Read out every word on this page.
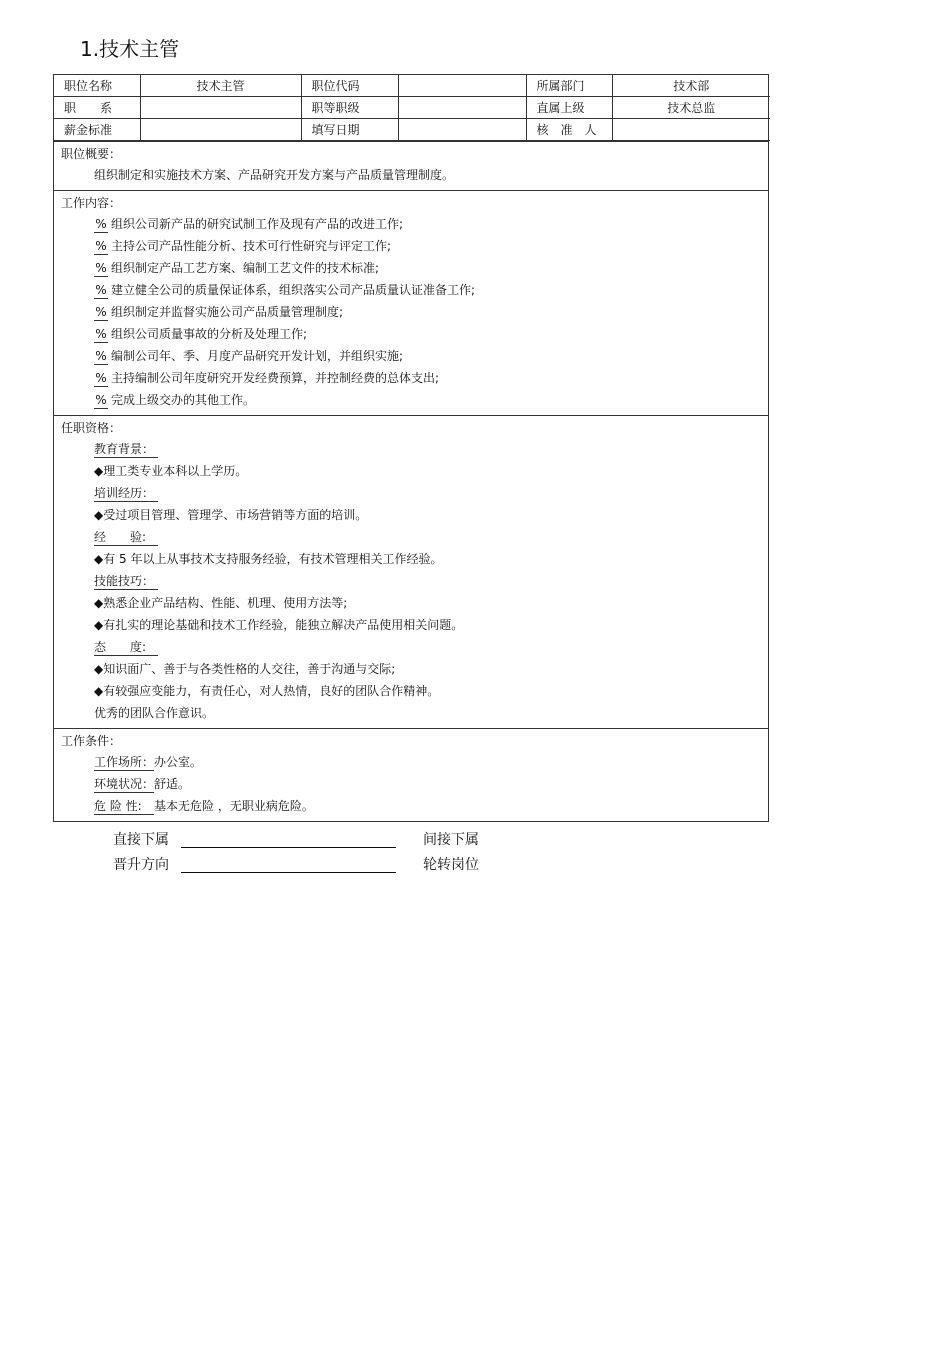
1.技术主管
职位名称	技术主管	职位代码		所属部门	技术部
职　　系		职等职级		直属上级	技术总监
薪金标准		填写日期		核　准　人	
职位概要：
组织制定和实施技术方案、产品研究开发方案与产品质量管理制度。
工作内容：
% 组织公司新产品的研究试制工作及现有产品的改进工作;
% 主持公司产品性能分析、技术可行性研究与评定工作;
% 组织制定产品工艺方案、编制工艺文件的技术标准;
% 建立健全公司的质量保证体系，组织落实公司产品质量认证准备工作;
% 组织制定并监督实施公司产品质量管理制度;
% 组织公司质量事故的分析及处理工作;
% 编制公司年、季、月度产品研究开发计划，并组织实施;
% 主持编制公司年度研究开发经费预算，并控制经费的总体支出;
% 完成上级交办的其他工作。
任职资格：
教育背景：
◆理工类专业本科以上学历。
培训经历：
◆受过项目管理、管理学、市场营销等方面的培训。
经　　验:
◆有 5 年以上从事技术支持服务经验，有技术管理相关工作经验。
技能技巧：
◆熟悉企业产品结构、性能、机理、使用方法等;
◆有扎实的理论基础和技术工作经验，能独立解决产品使用相关问题。
态　　度:
◆知识面广、善于与各类性格的人交往，善于沟通与交际;
◆有较强应变能力，有责任心，对人热情，良好的团队合作精神。
优秀的团队合作意识。
工作条件：
工作场所：办公室。
环境状况：舒适。
危 险 性: 基本无危险 ，无职业病危险。
直接下属	间接下属
晋升方向	轮转岗位
